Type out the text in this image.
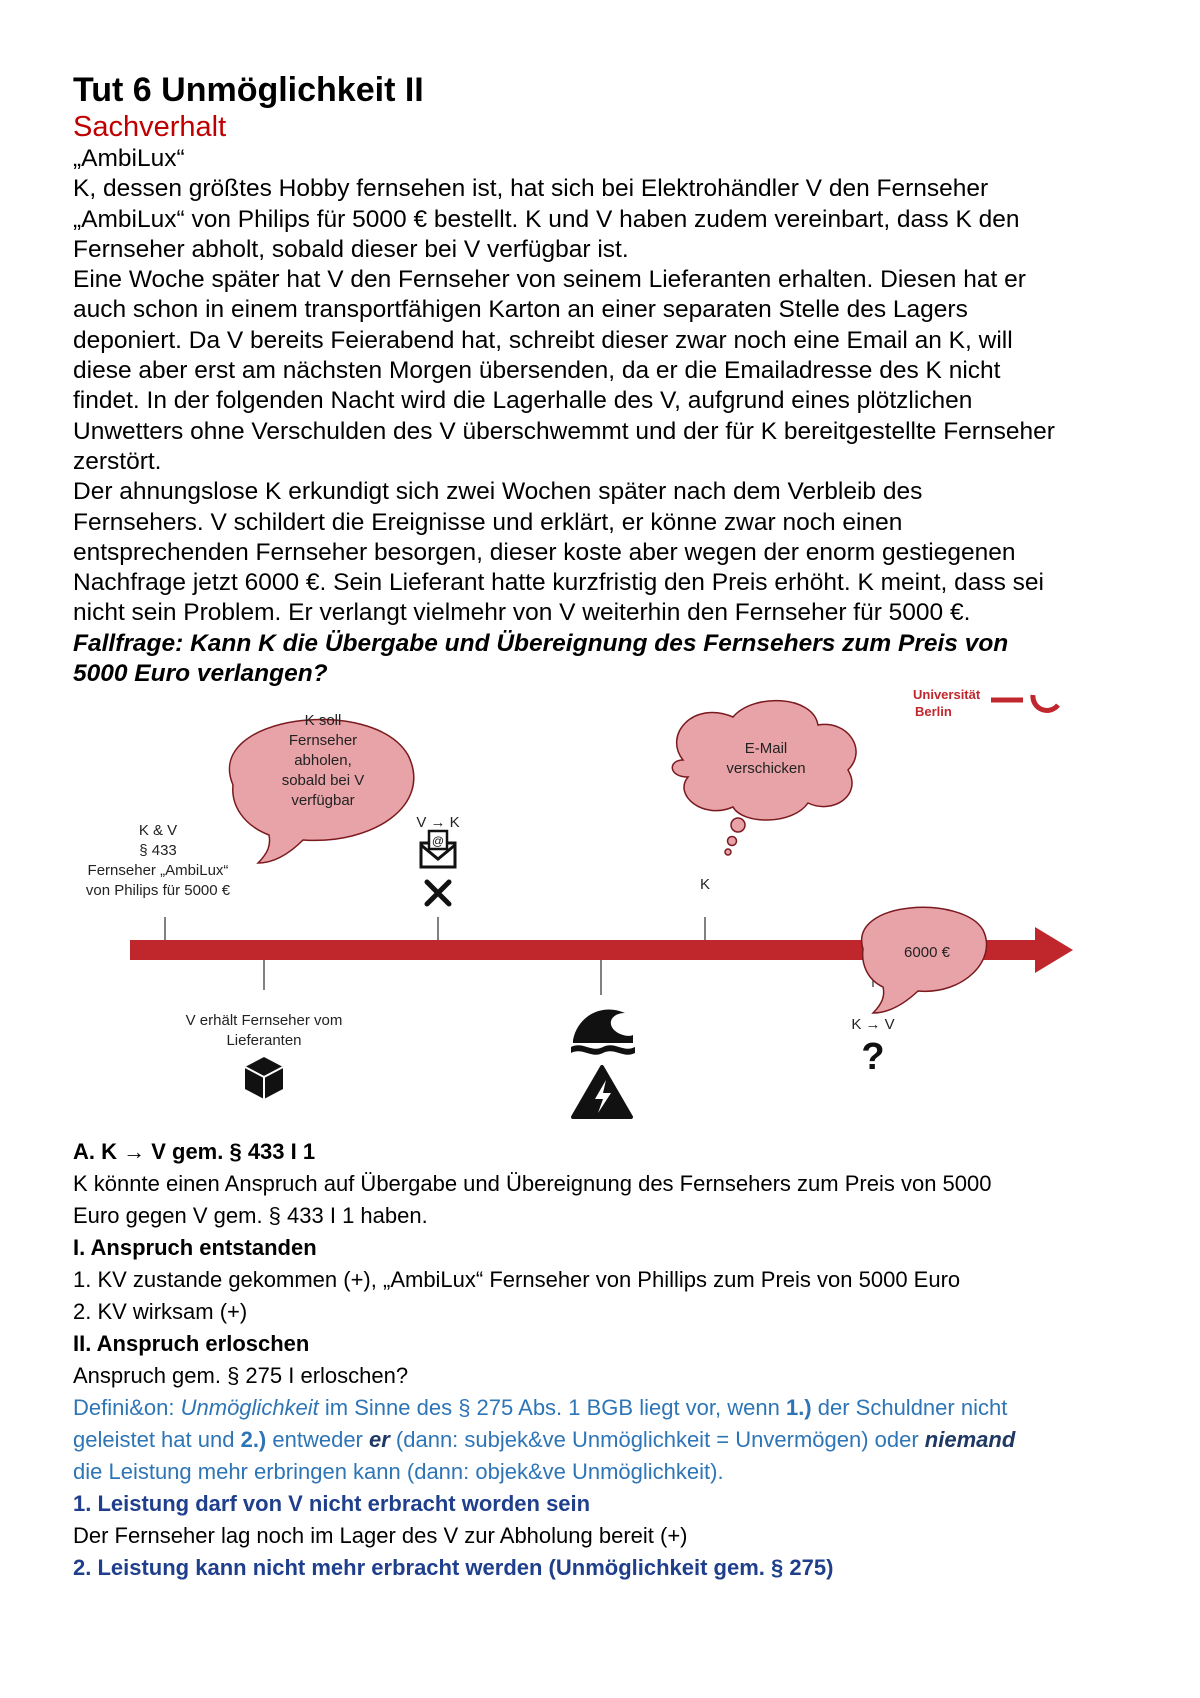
Tut 6 Unmöglichkeit II

Sachverhalt

„AmbiLux“

K, dessen größtes Hobby fernsehen ist, hat sich bei Elektrohändler V den Fernseher

„AmbiLux“ von Philips für 5000 € bestellt. K und V haben zudem vereinbart, dass K den

Fernseher abholt, sobald dieser bei V verfügbar ist.

Eine Woche später hat V den Fernseher von seinem Lieferanten erhalten. Diesen hat er

auch schon in einem transportfähigen Karton an einer separaten Stelle des Lagers

deponiert. Da V bereits Feierabend hat, schreibt dieser zwar noch eine Email an K, will

diese aber erst am nächsten Morgen übersenden, da er die Emailadresse des K nicht

findet. In der folgenden Nacht wird die Lagerhalle des V, aufgrund eines plötzlichen

Unwetters ohne Verschulden des V überschwemmt und der für K bereitgestellte Fernseher

zerstört.

Der ahnungslose K erkundigt sich zwei Wochen später nach dem Verbleib des

Fernsehers. V schildert die Ereignisse und erklärt, er könne zwar noch einen

entsprechenden Fernseher besorgen, dieser koste aber wegen der enorm gestiegenen

Nachfrage jetzt 6000 €. Sein Lieferant hatte kurzfristig den Preis erhöht. K meint, dass sei

nicht sein Problem. Er verlangt vielmehr von V weiterhin den Fernseher für 5000 €.

Fallfrage: Kann K die Übergabe und Übereignung des Fernsehers zum Preis von

5000 Euro verlangen?

Universität
Berlin
K soll
Fernseher
abholen,
sobald bei V
verfügbar
K & V
§ 433
Fernseher „AmbiLux“
von Philips für 5000 €
V → K
@
E-Mail
verschicken
K
6000 €
V erhält Fernseher vom
Lieferanten
K → V
?

A. K → V gem. § 433 I 1

K könnte einen Anspruch auf Übergabe und Übereignung des Fernsehers zum Preis von 5000

Euro gegen V gem. § 433 I 1 haben.

I. Anspruch entstanden

1. KV zustande gekommen (+), „AmbiLux“ Fernseher von Phillips zum Preis von 5000 Euro

2. KV wirksam (+)

II. Anspruch erloschen

Anspruch gem. § 275 I erloschen?

Defini&on: Unmöglichkeit im Sinne des § 275 Abs. 1 BGB liegt vor, wenn 1.) der Schuldner nicht

geleistet hat und 2.) entweder er (dann: subjek&ve Unmöglichkeit = Unvermögen) oder niemand

die Leistung mehr erbringen kann (dann: objek&ve Unmöglichkeit).

1. Leistung darf von V nicht erbracht worden sein

Der Fernseher lag noch im Lager des V zur Abholung bereit (+)

2. Leistung kann nicht mehr erbracht werden (Unmöglichkeit gem. § 275)
